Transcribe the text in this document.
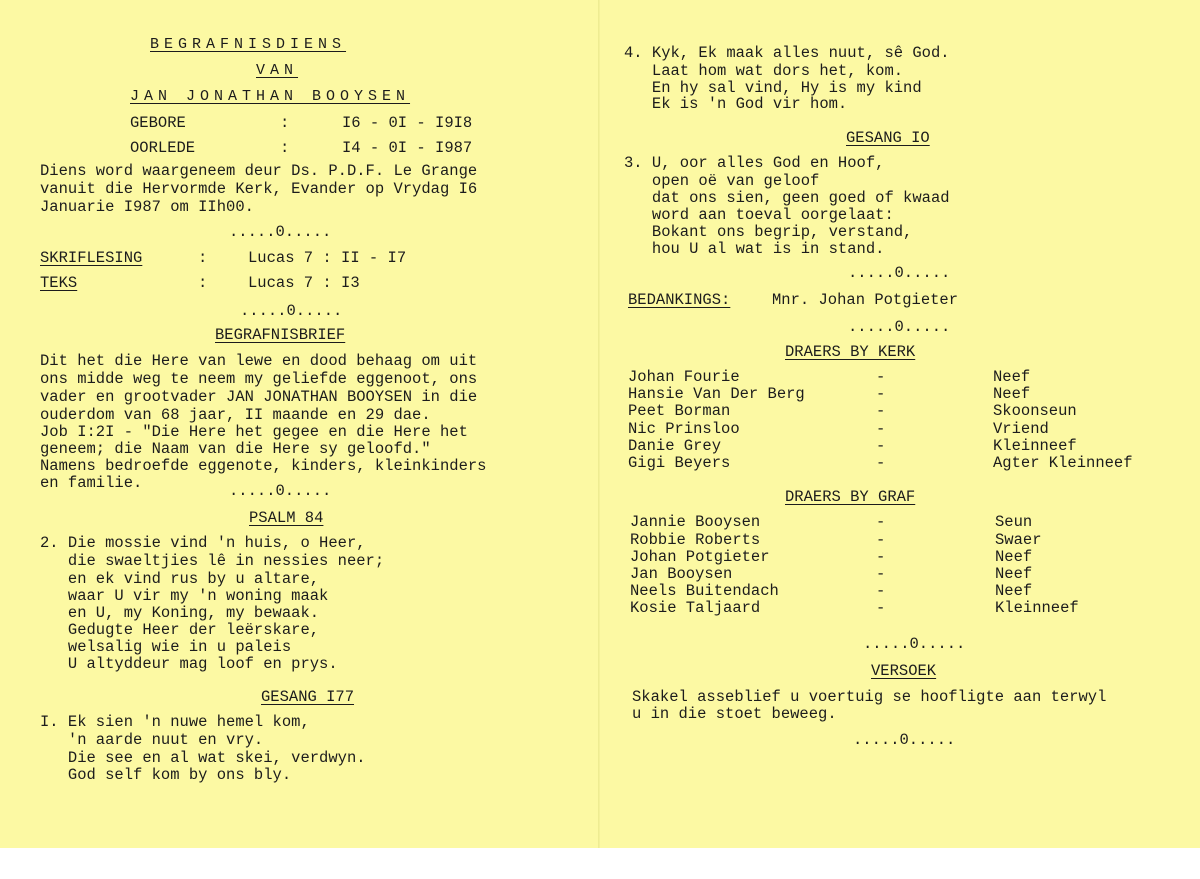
BEGRAFNISDIENS
VAN
JAN JONATHAN BOOYSEN
GEBORE	:	I6 - 0I - I9I8
OORLEDE	:	I4 - 0I - I987
Diens word waargeneem deur Ds. P.D.F. Le Grange
vanuit die Hervormde Kerk, Evander op Vrydag I6
Januarie I987 om IIh00.
.....0.....
SKRIFLESING	:	Lucas 7 : II - I7
TEKS	:	Lucas 7 : I3
.....0.....
BEGRAFNISBRIEF
Dit het die Here van lewe en dood behaag om uit
ons midde weg te neem my geliefde eggenoot, ons
vader en grootvader JAN JONATHAN BOOYSEN in die
ouderdom van 68 jaar, II maande en 29 dae.
Job I:2I - "Die Here het gegee en die Here het
geneem; die Naam van die Here sy geloofd."
Namens bedroefde eggenote, kinders, kleinkinders
en familie.	.....0.....
PSALM 84
2. Die mossie vind 'n huis, o Heer,
die swaeltjies lê in nessies neer;
en ek vind rus by u altare,
waar U vir my 'n woning maak
en U, my Koning, my bewaak.
Gedugte Heer der leërskare,
welsalig wie in u paleis
U altyddeur mag loof en prys.
GESANG I77
I. Ek sien 'n nuwe hemel kom,
'n aarde nuut en vry.
Die see en al wat skei, verdwyn.
God self kom by ons bly.
4. Kyk, Ek maak alles nuut, sê God.
Laat hom wat dors het, kom.
En hy sal vind, Hy is my kind
Ek is 'n God vir hom.
GESANG IO
3. U, oor alles God en Hoof,
open oë van geloof
dat ons sien, geen goed of kwaad
word aan toeval oorgelaat:
Bokant ons begrip, verstand,
hou U al wat is in stand.
.....0.....
BEDANKINGS:	Mnr. Johan Potgieter
.....0.....
DRAERS BY KERK
Johan Fourie	-	Neef
Hansie Van Der Berg	-	Neef
Peet Borman	-	Skoonseun
Nic Prinsloo	-	Vriend
Danie Grey	-	Kleinneef
Gigi Beyers	-	Agter Kleinneef
DRAERS BY GRAF
Jannie Booysen	-	Seun
Robbie Roberts	-	Swaer
Johan Potgieter	-	Neef
Jan Booysen	-	Neef
Neels Buitendach	-	Neef
Kosie Taljaard	-	Kleinneef
.....0.....
VERSOEK
Skakel asseblief u voertuig se hoofligte aan terwyl
u in die stoet beweeg.
.....0.....
